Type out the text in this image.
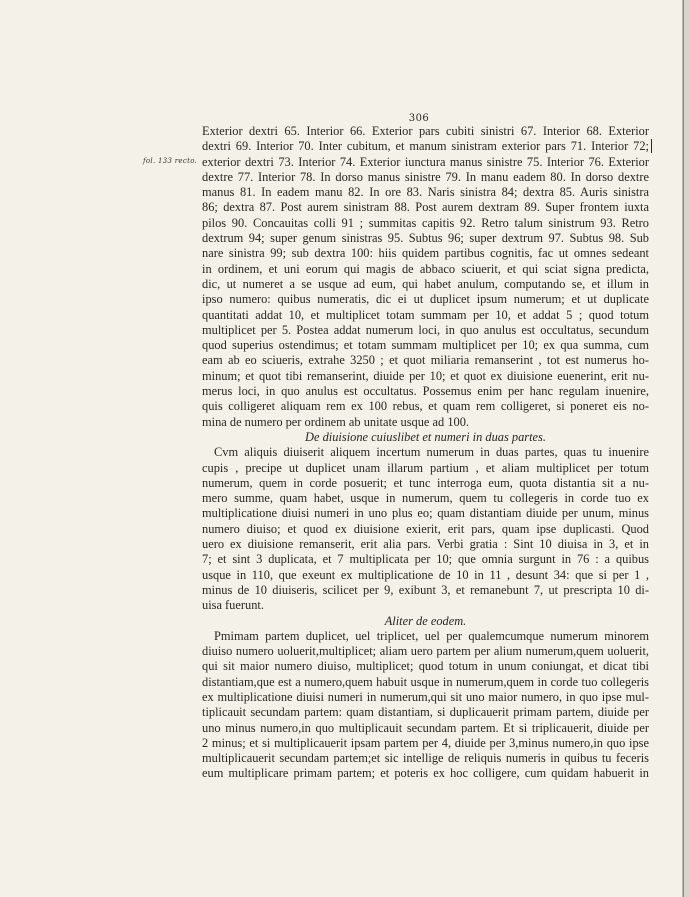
306
fol. 133 recto.
Exterior dextri 65. Interior 66. Exterior pars cubiti sinistri 67. Interior 68. Exterior
dextri 69. Interior 70. Inter cubitum, et manum sinistram exterior pars 71. Interior 72;
exterior dextri 73. Interior 74. Exterior iunctura manus sinistre 75. Interior 76. Exterior
dextre 77. Interior 78. In dorso manus sinistre 79. In manu eadem 80. In dorso dextre
manus 81. In eadem manu 82. In ore 83. Naris sinistra 84; dextra 85. Auris sinistra
86; dextra 87. Post aurem sinistram 88. Post aurem dextram 89. Super frontem iuxta
pilos 90. Concauitas colli 91 ; summitas capitis 92. Retro talum sinistrum 93. Retro
dextrum 94; super genum sinistras 95. Subtus 96; super dextrum 97. Subtus 98. Sub
nare sinistra 99; sub dextra 100: hiis quidem partibus cognitis, fac ut omnes sedeant
in ordinem, et uni eorum qui magis de abbaco sciuerit, et qui sciat signa predicta,
dic, ut numeret a se usque ad eum, qui habet anulum, computando se, et illum in
ipso numero: quibus numeratis, dic ei ut duplicet ipsum numerum; et ut duplicate
quantitati addat 10, et multiplicet totam summam per 10, et addat 5 ; quod totum
multiplicet per 5. Postea addat numerum loci, in quo anulus est occultatus, secundum
quod superius ostendimus; et totam summam multiplicet per 10; ex qua summa, cum
eam ab eo sciueris, extrahe 3250 ; et quot miliaria remanserint , tot est numerus ho-
minum; et quot tibi remanserint, diuide per 10; et quot ex diuisione euenerint, erit nu-
merus loci, in quo anulus est occultatus. Possemus enim per hanc regulam inuenire,
quis colligeret aliquam rem ex 100 rebus, et quam rem colligeret, si poneret eis no-
mina de numero per ordinem ab unitate usque ad 100.
De diuisione cuiuslibet et numeri in duas partes.
Cvm aliquis diuiserit aliquem incertum numerum in duas partes, quas tu inuenire
cupis , precipe ut duplicet unam illarum partium , et aliam multiplicet per totum
numerum, quem in corde posuerit; et tunc interroga eum, quota distantia sit a nu-
mero summe, quam habet, usque in numerum, quem tu collegeris in corde tuo ex
multiplicatione diuisi numeri in uno plus eo; quam distantiam diuide per unum, minus
numero diuiso; et quod ex diuisione exierit, erit pars, quam ipse duplicasti. Quod
uero ex diuisione remanserit, erit alia pars. Verbi gratia : Sint 10 diuisa in 3, et in
7; et sint 3 duplicata, et 7 multiplicata per 10; que omnia surgunt in 76 : a quibus
usque in 110, que exeunt ex multiplicatione de 10 in 11 , desunt 34: que si per 1 ,
minus de 10 diuiseris, scilicet per 9, exibunt 3, et remanebunt 7, ut prescripta 10 di-
uisa fuerunt.
Aliter de eodem.
Pmimam partem duplicet, uel triplicet, uel per qualemcumque numerum minorem
diuiso numero uoluerit,multiplicet; aliam uero partem per alium numerum,quem uoluerit,
qui sit maior numero diuiso, multiplicet; quod totum in unum coniungat, et dicat tibi
distantiam,que est a numero,quem habuit usque in numerum,quem in corde tuo collegeris
ex multiplicatione diuisi numeri in numerum,qui sit uno maior numero, in quo ipse mul-
tiplicauit secundam partem: quam distantiam, si duplicauerit primam partem, diuide per
uno minus numero,in quo multiplicauit secundam partem. Et si triplicauerit, diuide per
2 minus; et si multiplicauerit ipsam partem per 4, diuide per 3,minus numero,in quo ipse
multiplicauerit secundam partem;et sic intellige de reliquis numeris in quibus tu feceris
eum multiplicare primam partem; et poteris ex hoc colligere, cum quidam habuerit in
